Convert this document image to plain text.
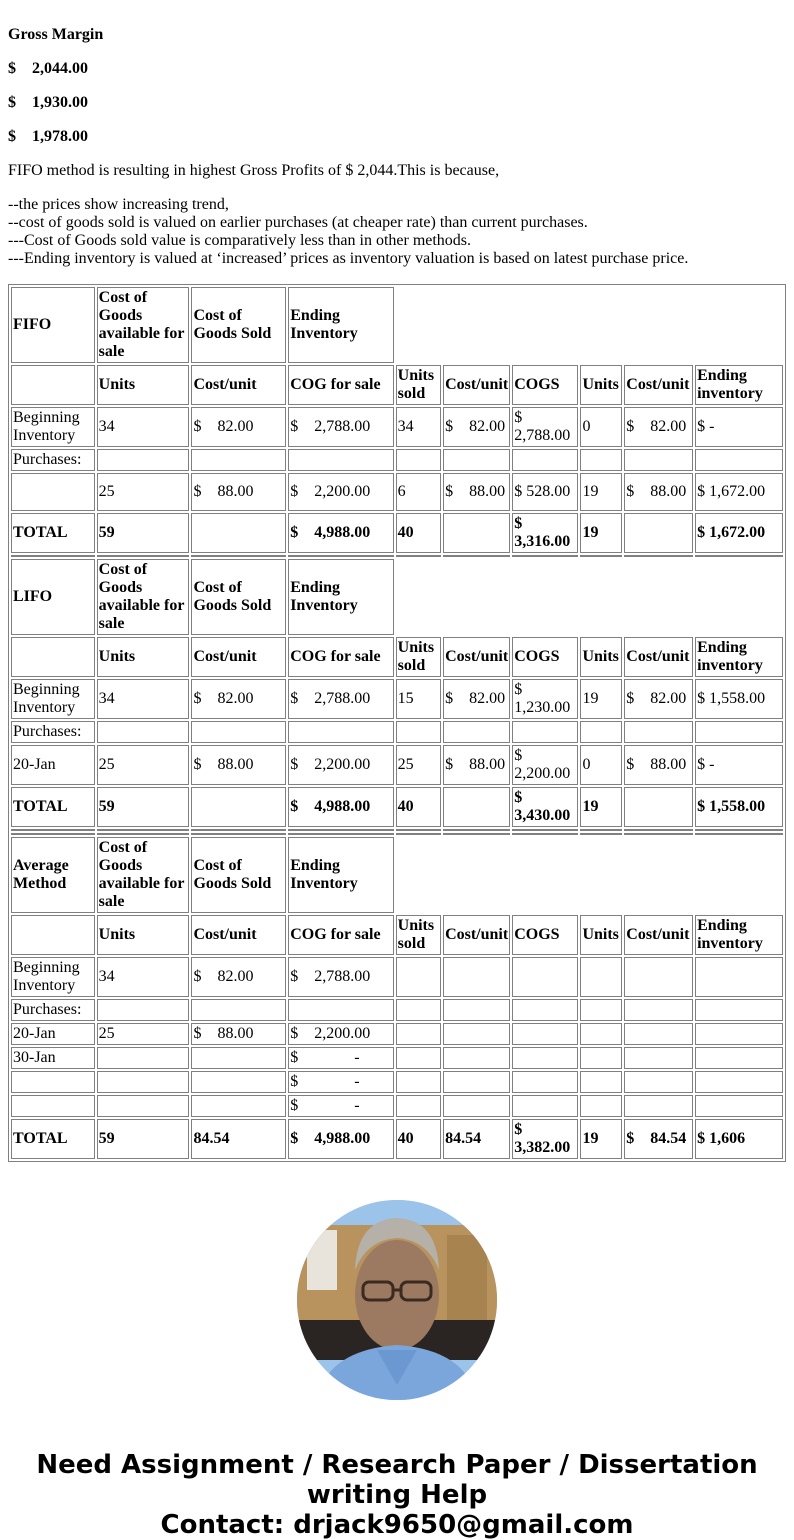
Gross Margin

$    2,044.00

$    1,930.00

$    1,978.00

FIFO method is resulting in highest Gross Profits of $ 2,044.This is because,

--the prices show increasing trend,
--cost of goods sold is valued on earlier purchases (at cheaper rate) than current purchases.
---Cost of Goods sold value is comparatively less than in other methods.
---Ending inventory is valued at ‘increased’ prices as inventory valuation is based on latest purchase price.
FIFO	Cost of Goods available for sale	Cost of Goods Sold	Ending Inventory						
	Units	Cost/unit	COG for sale	Units sold	Cost/unit	COGS	Units	Cost/unit	Ending inventory
Beginning Inventory	34	$    82.00	$    2,788.00	34	$    82.00	$ 2,788.00	0	$    82.00	$ -
Purchases:									
	25	$    88.00	$    2,200.00	6	$    88.00	$ 528.00	19	$    88.00	$ 1,672.00
TOTAL	59		$    4,988.00	40		$ 3,316.00	19		$ 1,672.00

LIFO	Cost of Goods available for sale	Cost of Goods Sold	Ending Inventory						
	Units	Cost/unit	COG for sale	Units sold	Cost/unit	COGS	Units	Cost/unit	Ending inventory
Beginning Inventory	34	$    82.00	$    2,788.00	15	$    82.00	$ 1,230.00	19	$    82.00	$ 1,558.00
Purchases:									
20-Jan	25	$    88.00	$    2,200.00	25	$    88.00	$ 2,200.00	0	$    88.00	$ -
TOTAL	59		$    4,988.00	40		$ 3,430.00	19		$ 1,558.00

Average Method	Cost of Goods available for sale	Cost of Goods Sold	Ending Inventory						
	Units	Cost/unit	COG for sale	Units sold	Cost/unit	COGS	Units	Cost/unit	Ending inventory
Beginning Inventory	34	$    82.00	$    2,788.00						
Purchases:									
20-Jan	25	$    88.00	$    2,200.00						
30-Jan			$              -						
			$              -						
			$              -						
TOTAL	59	84.54	$    4,988.00	40	84.54	$ 3,382.00	19	$    84.54	$ 1,606
Need Assignment / Research Paper / Dissertation writing Help
Contact: drjack9650@gmail.com
